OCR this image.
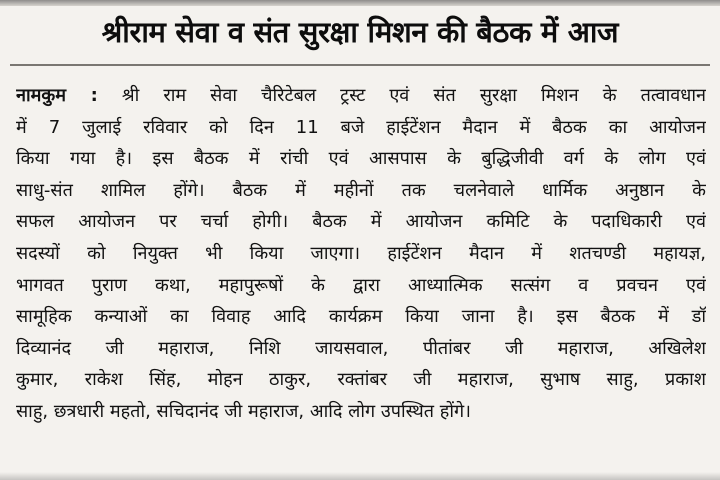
श्रीराम सेवा व संत सुरक्षा मिशन की बैठक में आज
नामकुम : श्री राम सेवा चैरिटेबल ट्रस्ट एवं संत सुरक्षा मिशन के तत्वावधान
में 7 जुलाई रविवार को दिन 11 बजे हाईटेंशन मैदान में बैठक का आयोजन
किया गया है। इस बैठक में रांची एवं आसपास के बुद्धिजीवी वर्ग के लोग एवं
साधु-संत शामिल होंगे। बैठक में महीनों तक चलनेवाले धार्मिक अनुष्ठान के
सफल आयोजन पर चर्चा होगी। बैठक में आयोजन कमिटि के पदाधिकारी एवं
सदस्यों को नियुक्त भी किया जाएगा। हाईटेंशन मैदान में शतचण्डी महायज्ञ,
भागवत पुराण कथा, महापुरूषों के द्वारा आध्यात्मिक सत्संग व प्रवचन एवं
सामूहिक कन्याओं का विवाह आदि कार्यक्रम किया जाना है। इस बैठक में डॉ
दिव्यानंद जी महाराज, निशि जायसवाल, पीतांबर जी महाराज, अखिलेश
कुमार, राकेश सिंह, मोहन ठाकुर, रक्तांबर जी महाराज, सुभाष साहु, प्रकाश
साहु, छत्रधारी महतो, सचिदानंद जी महाराज, आदि लोग उपस्थित होंगे।
